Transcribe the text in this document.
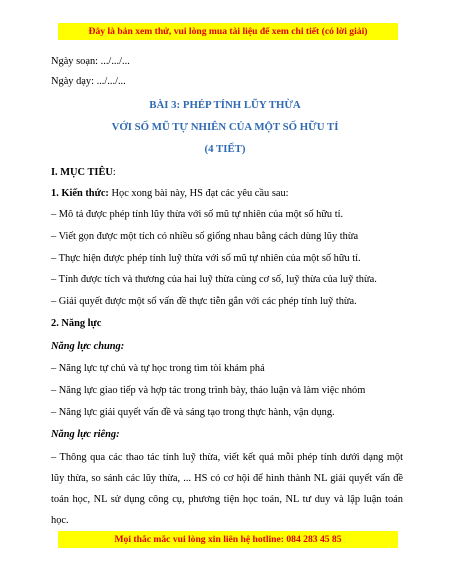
Đây là bản xem thử, vui lòng mua tài liệu để xem chi tiết (có lời giải)
Ngày soạn: .../.../...
Ngày dạy: .../.../...
BÀI 3: PHÉP TÍNH LŨY THỪA
VỚI SỐ MŨ TỰ NHIÊN CỦA MỘT SỐ HỮU TỈ
(4 TIẾT)
I. MỤC TIÊU:
1. Kiến thức: Học xong bài này, HS đạt các yêu cầu sau:
– Mô tả được phép tính lũy thừa với số mũ tự nhiên của một số hữu tỉ.
– Viết gọn được một tích có nhiều số giống nhau bằng cách dùng lũy thừa
– Thực hiện được phép tính luỹ thừa với số mũ tự nhiên của một số hữu tỉ.
– Tính được tích và thương của hai luỹ thừa cùng cơ số, luỹ thừa của luỹ thừa.
– Giải quyết được một số vấn đề thực tiễn gắn với các phép tính luỹ thừa.
2. Năng lực
Năng lực chung:
– Năng lực tự chủ và tự học trong tìm tòi khám phá
– Năng lực giao tiếp và hợp tác trong trình bày, thảo luận và làm việc nhóm
– Năng lực giải quyết vấn đề và sáng tạo trong thực hành, vận dụng.
Năng lực riêng:
– Thông qua các thao tác tính luỹ thừa, viết kết quả mỗi phép tính dưới dạng một lũy thừa, so sánh các lũy thừa, ... HS có cơ hội để hình thành NL giải quyết vấn đề toán học, NL sử dụng công cụ, phương tiện học toán, NL tư duy và lập luận toán học.
Mọi thắc mắc vui lòng xin liên hệ hotline: 084 283 45 85
